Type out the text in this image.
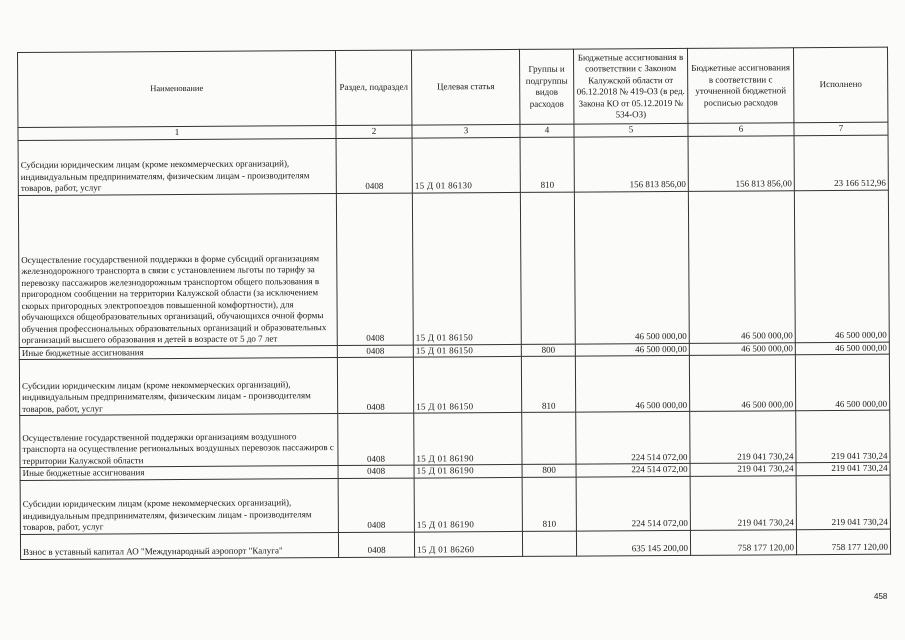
Наименование	Раздел, подраздел	Целевая статья	Группы и подгруппы видов расходов	Бюджетные ассигнования в соответствии с Законом Калужской области от 06.12.2018 № 419-ОЗ (в ред. Закона КО от 05.12.2019 № 534-ОЗ)	Бюджетные ассигнования в соответствии с уточненной бюджетной росписью расходов	Исполнено
1	2	3	4	5	6	7
Субсидии юридическим лицам (кроме некоммерческих организаций), индивидуальным предпринимателям, физическим лицам - производителям товаров, работ, услуг	0408	15 Д 01 86130	810	156 813 856,00	156 813 856,00	23 166 512,96
Осуществление государственной поддержки в форме субсидий организациям железнодорожного транспорта в связи с установлением льготы по тарифу за перевозку пассажиров железнодорожным транспортом общего пользования в пригородном сообщении на территории Калужской области (за исключением скорых пригородных электропоездов повышенной комфортности), для обучающихся общеобразовательных организаций, обучающихся очной формы обучения профессиональных образовательных организаций и образовательных организаций высшего образования и детей в возрасте от 5 до 7 лет	0408	15 Д 01 86150		46 500 000,00	46 500 000,00	46 500 000,00
Иные бюджетные ассигнования	0408	15 Д 01 86150	800	46 500 000,00	46 500 000,00	46 500 000,00
Субсидии юридическим лицам (кроме некоммерческих организаций), индивидуальным предпринимателям, физическим лицам - производителям товаров, работ, услуг	0408	15 Д 01 86150	810	46 500 000,00	46 500 000,00	46 500 000,00
Осуществление государственной поддержки организациям воздушного транспорта на осуществление региональных воздушных перевозок пассажиров с территории Калужской области	0408	15 Д 01 86190		224 514 072,00	219 041 730,24	219 041 730,24
Иные бюджетные ассигнования	0408	15 Д 01 86190	800	224 514 072,00	219 041 730,24	219 041 730,24
Субсидии юридическим лицам (кроме некоммерческих организаций), индивидуальным предпринимателям, физическим лицам - производителям товаров, работ, услуг	0408	15 Д 01 86190	810	224 514 072,00	219 041 730,24	219 041 730,24
Взнос в уставный капитал АО "Международный аэропорт "Калуга"	0408	15 Д 01 86260		635 145 200,00	758 177 120,00	758 177 120,00
458
